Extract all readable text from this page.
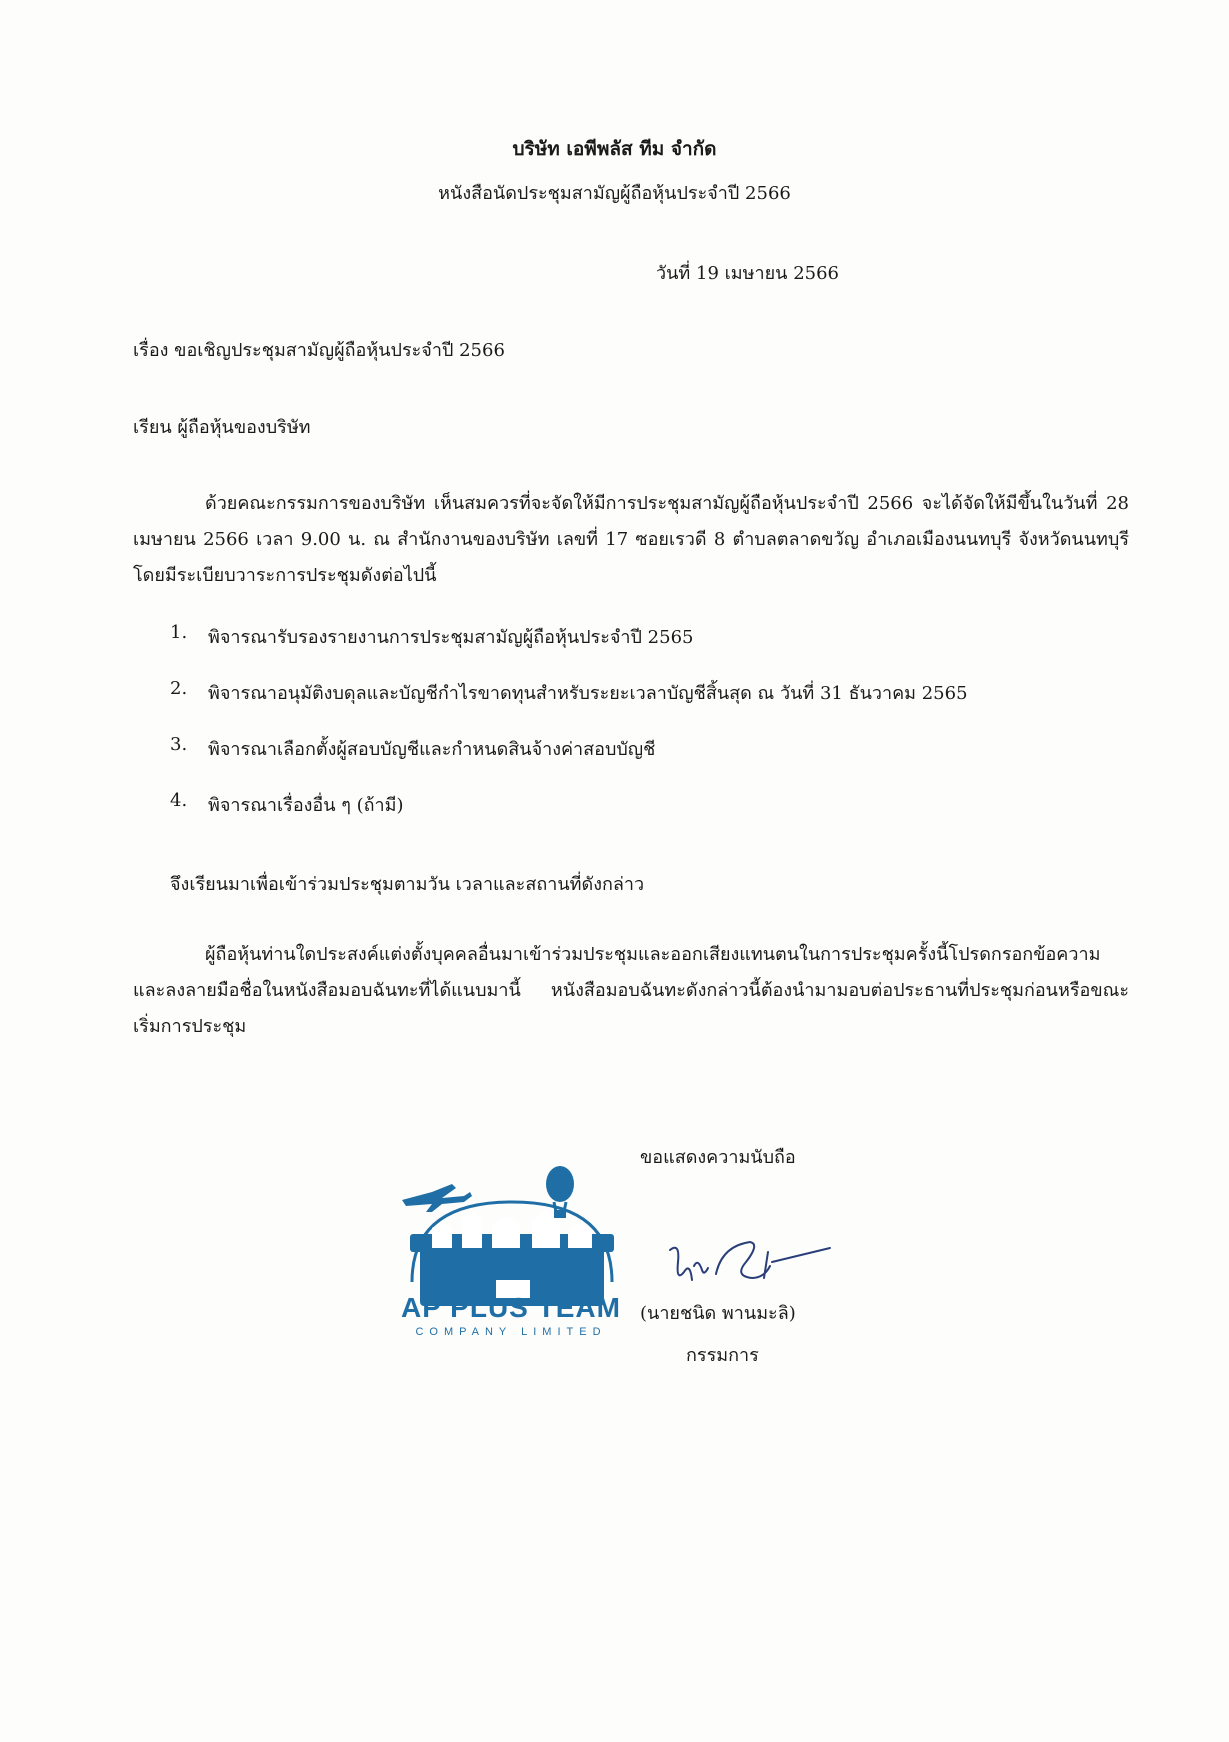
บริษัท เอพีพลัส ทีม จำกัด
หนังสือนัดประชุมสามัญผู้ถือหุ้นประจำปี 2566
วันที่ 19 เมษายน 2566
เรื่อง ขอเชิญประชุมสามัญผู้ถือหุ้นประจำปี 2566
เรียน ผู้ถือหุ้นของบริษัท
ด้วยคณะกรรมการของบริษัท เห็นสมควรที่จะจัดให้มีการประชุมสามัญผู้ถือหุ้นประจำปี 2566 จะได้จัดให้มีขึ้นในวันที่ 28 เมษายน 2566 เวลา 9.00 น. ณ สำนักงานของบริษัท เลขที่ 17 ซอยเรวดี 8 ตำบลตลาดขวัญ อำเภอเมืองนนทบุรี จังหวัดนนทบุรี โดยมีระเบียบวาระการประชุมดังต่อไปนี้
1.	พิจารณารับรองรายงานการประชุมสามัญผู้ถือหุ้นประจำปี 2565
2.	พิจารณาอนุมัติงบดุลและบัญชีกำไรขาดทุนสำหรับระยะเวลาบัญชีสิ้นสุด ณ วันที่ 31 ธันวาคม 2565
3.	พิจารณาเลือกตั้งผู้สอบบัญชีและกำหนดสินจ้างค่าสอบบัญชี
4.	พิจารณาเรื่องอื่น ๆ (ถ้ามี)
จึงเรียนมาเพื่อเข้าร่วมประชุมตามวัน เวลาและสถานที่ดังกล่าว
ผู้ถือหุ้นท่านใดประสงค์แต่งตั้งบุคคลอื่นมาเข้าร่วมประชุมและออกเสียงแทนตนในการประชุมครั้งนี้โปรดกรอกข้อความและลงลายมือชื่อในหนังสือมอบฉันทะที่ได้แนบมานี้ หนังสือมอบฉันทะดังกล่าวนี้ต้องนำมามอบต่อประธานที่ประชุมก่อนหรือขณะเริ่มการประชุม
ขอแสดงความนับถือ
AP PLUS TEAM
COMPANY LIMITED
(นายชนิด พานมะลิ)
กรรมการ
